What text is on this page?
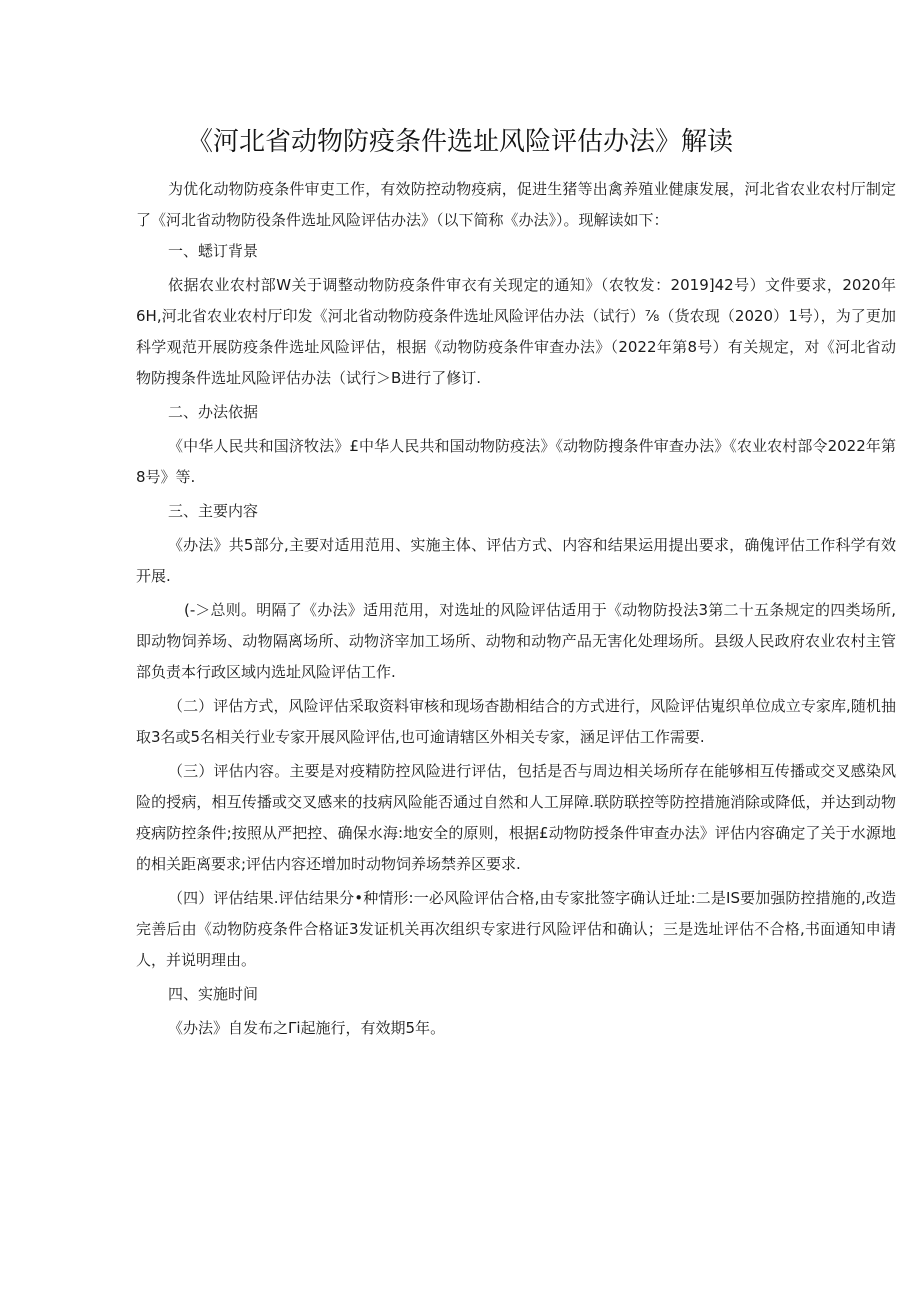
《河北省动物防疫条件选址风险评估办法》解读

为优化动物防疫条件审吏工作，有效防控动物疫病，促进生猪等出禽养殖业健康发展，河北省农业农村厅制定了《河北省动物防役条件选址风险评估办法》（以下简称《办法》）。现解读如下：

一、蟋订背景

依据农业农村部W关于调整动物防疫条件审衣有关现定的通知》（农牧发：2019]42号）文件要求，2020年6H,河北省农业农村厅印发《河北省动物防疫条件选址风险评估办法（试行）⅞（货农现（2020）1号），为了更加科学观范开展防疫条件选址风险评估，根据《动物防疫条件审查办法》（2022年第8号）有关规定，对《河北省动物防搜条件选址风险评估办法（试行＞B进行了修订.

二、办法依据

《中华人民共和国济牧法》£中华人民共和国动物防疫法》《动物防搜条件审查办法》《农业农村部令2022年第8号》等.

三、主要内容

《办法》共5部分,主要对适用范用、实施主体、评估方式、内容和结果运用提出要求，确傀评估工作科学有效开展.

(-＞总则。明隔了《办法》适用范用，对选址的风险评估适用于《动物防投法3第二十五条规定的四类场所,即动物饲养场、动物隔离场所、动物济宰加工场所、动物和动物产品无害化处理场所。县级人民政府农业农村主管部负责本行政区域内选址风险评估工作.

（二）评估方式，风险评估采取资料审核和现场杳勘相结合的方式进行，风险评估嵬织单位成立专家库,随机抽取3名或5名相关行业专家开展风险评估,也可逾请辖区外相关专家，涵足评估工作需要.

（三）评估内容。主要是对疫精防控风险进行评估，包括是否与周边相关场所存在能够相互传播或交叉感染风险的授病，相互传播或交叉感来的技病风险能否通过自然和人工屏障.联防联控等防控措施消除或降低，并达到动物疫病防控条件;按照从严把控、确保水海:地安全的原则，根据£动物防授条件审查办法》评估内容确定了关于水源地的相关距离要求;评估内容还增加时动物饲养场禁养区要求.

（四）评估结果.评估结果分•种情形:一必风险评估合格,由专家批签字确认迁址:二是IS要加强防控措施的,改造完善后由《动物防疫条件合格证3发证机关再次组织专家进行风险评估和确认；三是选址评估不合格,书面通知申请人，并说明理由。

四、实施时间

《办法》自发布之Γi起施行，有效期5年。
